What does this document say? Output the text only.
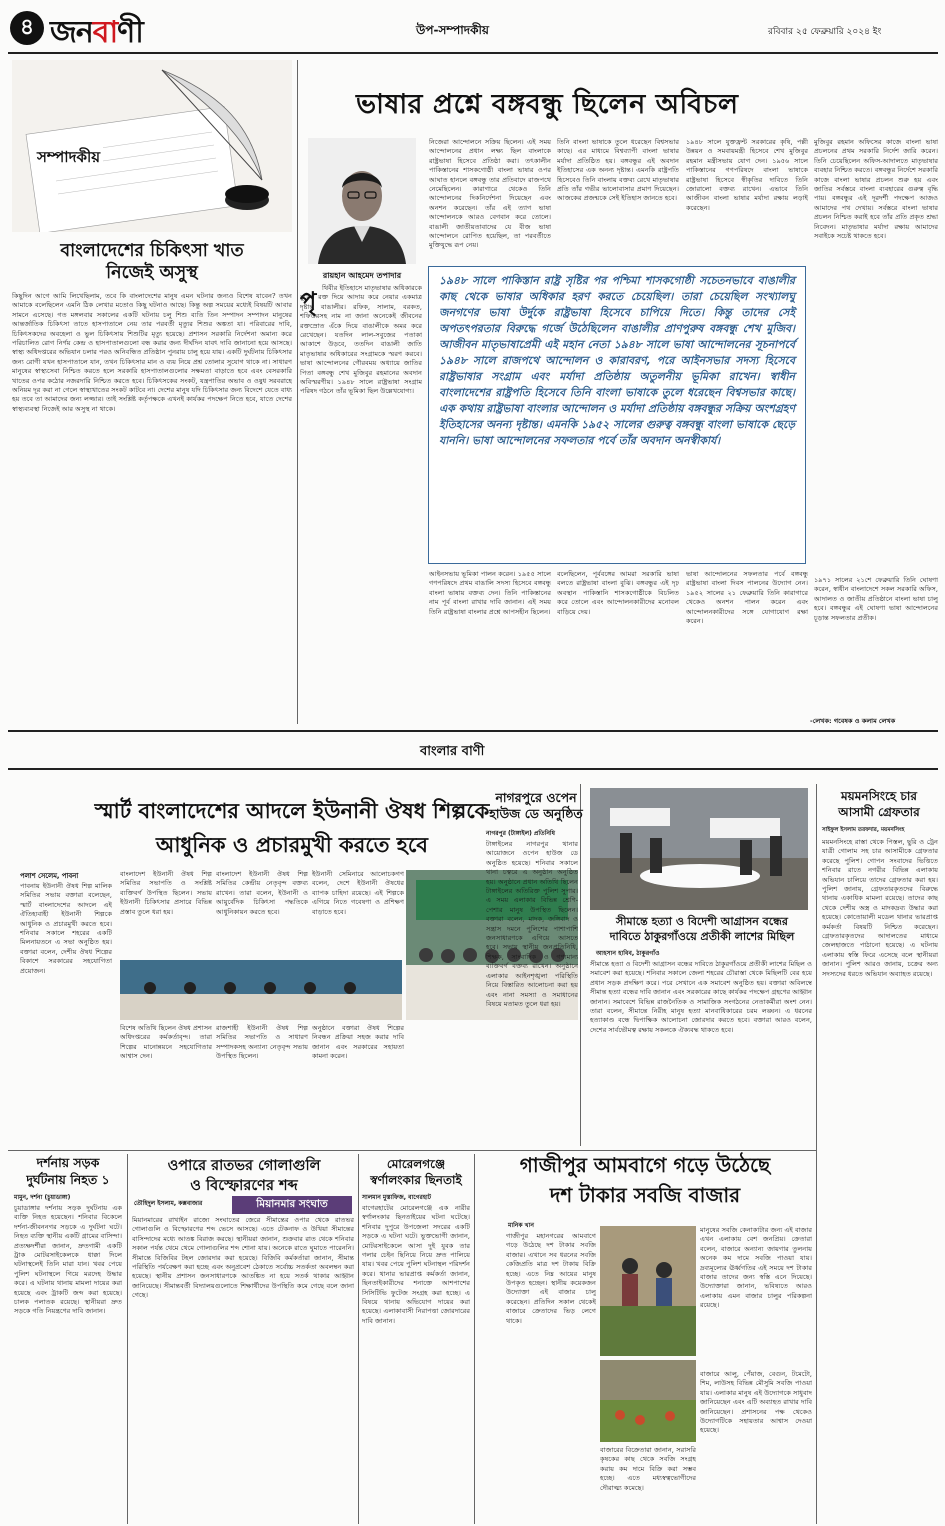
৪ জনবাণী	উপ-সম্পাদকীয়	রবিবার ২৫ ফেব্রুয়ারি ২০২৪ ইং
সম্পাদকীয়
বাংলাদেশের চিকিৎসা খাত
নিজেই অসুস্থ
কিছুদিন আগে আমি লিখেছিলাম, তবে কি বাংলাদেশের মানুষ এমন ঘটনার জন্যও বিশেষ যাবেন? তখন আমাকে বলেছিলেন এমনি ঠিক লেখার মতোও কিছু ঘটনাও আছে। কিন্তু অল্প সময়ের মধ্যেই বিষয়টি আবার সামনে এসেছে। গত মঙ্গলবার সকালের একটি ঘটনায় চলু শিশু ব্যতি তিন সম্পাদন সম্পাদন মানুষের আন্তর্জাতিক চিকিৎসা তাতে হাসপাতালে নেয় তার পরবর্তী মৃত্যুর শিশুর অঙ্কতা যা। পরিবারের দাবি, চিকিৎসকদের অবহেলা ও ভুল চিকিৎসায় শিশুটির মৃত্যু হয়েছে। প্রশাসন সরকারি নির্দেশনা অমান্য করে পরিচালিত রোগ নির্ণয় কেন্দ্র ও হাসপাতালগুলো বন্ধ করার জন্য দীর্ঘদিন যাবৎ দাবি জানানো হয়ে আসছে। স্বাস্থ্য অধিদপ্তরের অভিযান চলার পরও অনিবন্ধিত প্রতিষ্ঠান পুনরায় চালু হয়ে যায়। একটি দুর্ঘটনায় চিকিৎসার জন্য রোগী যখন হাসপাতালে যান, তখন চিকিৎসার মান ও ব্যয় নিয়ে প্রশ্ন তোলার সুযোগ থাকে না। সাধারণ মানুষের স্বাস্থ্যসেবা নিশ্চিত করতে হলে সরকারি হাসপাতালগুলোর সক্ষমতা বাড়াতে হবে এবং বেসরকারি খাতের ওপর কঠোর নজরদারি নিশ্চিত করতে হবে। চিকিৎসকের সংকট, যন্ত্রপাতির অভাব ও ওষুধ সরবরাহে অনিয়ম দূর করা না গেলে স্বাস্থ্যখাতের সংকট কাটবে না। দেশের মানুষ যদি চিকিৎসার জন্য বিদেশে যেতে বাধ্য হয় তবে তা আমাদের জন্য লজ্জার। তাই সংশ্লিষ্ট কর্তৃপক্ষকে এখনই কার্যকর পদক্ষেপ নিতে হবে, যাতে দেশের স্বাস্থ্যব্যবস্থা নিজেই আর অসুস্থ না থাকে।
ভাষার প্রশ্নে বঙ্গবন্ধু ছিলেন অবিচল
রায়হান আহমেদ তপাদার
পৃ থিবীর ইতিহাসে মাতৃভাষার অধিকারকে বুকের রক্ত দিয়ে আদায় করে নেয়ার একমাত্র দৃষ্টান্ত বাঙালীর। রফিক, সালাম, বরকত, শফিউরসহ নাম না জানা অনেকেই জীবনের রক্তস্রোত এঁকে দিয়ে বাঙালীকে অমর করে রেখেছেন। যতদিন লাল-সবুজের পতাকা আকাশে উড়বে, ততদিন বাঙালী জাতি মাতৃভাষার অধিকারের সংগ্রামকে স্মরণ করবে। ভাষা আন্দোলনের গৌরবময় অধ্যায়ে জাতির পিতা বঙ্গবন্ধু শেখ মুজিবুর রহমানের অবদান অবিস্মরণীয়। ১৯৪৮ সালে রাষ্ট্রভাষা সংগ্রাম পরিষদ গঠনে তাঁর ভূমিকা ছিল উল্লেখযোগ্য।
নিজেরা আন্দোলনে সক্রিয় ছিলেন। এই সময় আন্দোলনের প্রধান লক্ষ্য ছিল বাংলাকে রাষ্ট্রভাষা হিসেবে প্রতিষ্ঠা করা। তৎকালীন পাকিস্তানের শাসকগোষ্ঠী বাংলা ভাষার ওপর আঘাত হানলে বঙ্গবন্ধু তার প্রতিবাদে রাজপথে নেমেছিলেন। কারাগারে থেকেও তিনি আন্দোলনের দিকনির্দেশনা দিয়েছেন এবং অনশন করেছেন। তাঁর এই ত্যাগ ভাষা আন্দোলনকে আরও বেগবান করে তোলে। বাঙালী জাতীয়তাবাদের যে বীজ ভাষা আন্দোলনে রোপিত হয়েছিল, তা পরবর্তীতে মুক্তিযুদ্ধে রূপ নেয়।
তিনি বাংলা ভাষাকে তুলে ধরেছেন বিশ্বসভার কাছে। এর মাধ্যমে বিশ্বব্যাপী বাংলা ভাষার মর্যাদা প্রতিষ্ঠিত হয়। বঙ্গবন্ধুর এই অবদান ইতিহাসের এক অনন্য দৃষ্টান্ত। এমনকি রাষ্ট্রপতি হিসেবেও তিনি বাংলায় বক্তব্য রেখে মাতৃভাষার প্রতি তাঁর গভীর ভালোবাসার প্রমাণ দিয়েছেন। আজকের প্রজন্মকে সেই ইতিহাস জানতে হবে।
১৯৪৮ সালে যুক্তফ্রন্ট সরকারের কৃষি, পল্লী উন্নয়ন ও সমবায়মন্ত্রী হিসেবে শেখ মুজিবুর রহমান মন্ত্রীসভায় যোগ দেন। ১৯৫৬ সালে পাকিস্তানের গণপরিষদে বাংলা ভাষাকে রাষ্ট্রভাষা হিসেবে স্বীকৃতির দাবিতে তিনি জোরালো বক্তব্য রাখেন। এভাবে তিনি আজীবন বাংলা ভাষার মর্যাদা রক্ষায় লড়াই করেছেন।
মুজিবুর রহমান অফিসের কাজে বাংলা ভাষা প্রচলনের প্রথম সরকারি নির্দেশ জারি করেন। তিনি চেয়েছিলেন অফিস-আদালতে মাতৃভাষার ব্যবহার নিশ্চিত করতে। বঙ্গবন্ধুর নির্দেশে সরকারি কাজে বাংলা ভাষার প্রচলন শুরু হয় এবং জাতির সর্বস্তরে বাংলা ব্যবহারের গুরুত্ব বৃদ্ধি পায়। বঙ্গবন্ধুর এই দূরদর্শী পদক্ষেপ আজও আমাদের পথ দেখায়। সর্বস্তরে বাংলা ভাষার প্রচলন নিশ্চিত করাই হবে তাঁর প্রতি প্রকৃত শ্রদ্ধা নিবেদন। মাতৃভাষার মর্যাদা রক্ষায় আমাদের সবাইকে সচেষ্ট থাকতে হবে।
১৯৪৮ সালে পাকিস্তান রাষ্ট্র সৃষ্টির পর পশ্চিমা শাসকগোষ্ঠী সচেতনভাবে বাঙালীর কাছ থেকে ভাষার অধিকার হরণ করতে চেয়েছিল। তারা চেয়েছিল সংখ্যালঘু জনগণের ভাষা উর্দুকে রাষ্ট্রভাষা হিসেবে চাপিয়ে দিতে। কিন্তু তাদের সেই অপতৎপরতার বিরুদ্ধে গর্জে উঠেছিলেন বাঙালীর প্রাণপুরুষ বঙ্গবন্ধু শেখ মুজিব। আজীবন মাতৃভাষাপ্রেমী এই মহান নেতা ১৯৪৮ সালে ভাষা আন্দোলনের সূচনাপর্বে ১৯৪৮ সালে রাজপথে আন্দোলন ও কারাবরণ, পরে আইনসভার সদস্য হিসেবে রাষ্ট্রভাষার সংগ্রাম এবং মর্যাদা প্রতিষ্ঠায় অতুলনীয় ভূমিকা রাখেন। স্বাধীন বাংলাদেশের রাষ্ট্রপতি হিসেবে তিনি বাংলা ভাষাকে তুলে ধরেছেন বিশ্বসভার কাছে। এক কথায় রাষ্ট্রভাষা বাংলার আন্দোলন ও মর্যাদা প্রতিষ্ঠায় বঙ্গবন্ধুর সক্রিয় অংশগ্রহণ ইতিহাসের অনন্য দৃষ্টান্ত। এমনকি ১৯৫২ সালের গুরুত্ব বঙ্গবন্ধু বাংলা ভাষাকে ছেড়ে যাননি। ভাষা আন্দোলনের সফলতার পর্বে তাঁর অবদান অনস্বীকার্য।
আইনসভায় ভূমিকা পালন করেন। ১৯৫৫ সালে গণপরিষদে প্রথম বাঙালি সদস্য হিসেবে বঙ্গবন্ধু বাংলা ভাষায় বক্তব্য দেন। তিনি পাকিস্তানের নাম পূর্ব বাংলা রাখার দাবি জানান। এই সময় তিনি রাষ্ট্রভাষা বাংলার প্রশ্নে আপসহীন ছিলেন।
বলেছিলেন, পূর্ববঙ্গের আমরা সরকারি ভাষা বলতে রাষ্ট্রভাষা বাংলা বুঝি। বঙ্গবন্ধুর এই দৃঢ় অবস্থান পাকিস্তানি শাসকগোষ্ঠীকে বিচলিত করে তোলে এবং আন্দোলনকারীদের মনোবল বাড়িয়ে দেয়।
ভাষা আন্দোলনের সফলতার পর্বে বঙ্গবন্ধু রাষ্ট্রভাষা বাংলা দিবস পালনের উদ্যোগ নেন। ১৯৫২ সালের ২১ ফেব্রুয়ারি তিনি কারাগারে থেকেও অনশন পালন করেন এবং আন্দোলনকারীদের সঙ্গে যোগাযোগ রক্ষা করেন।
১৯৭১ সালের ২১শে ফেব্রুয়ারি তিনি ঘোষণা করেন, স্বাধীন বাংলাদেশে সকল সরকারি অফিস, আদালত ও জাতীয় প্রতিষ্ঠানে বাংলা ভাষা চালু হবে। বঙ্গবন্ধুর এই ঘোষণা ভাষা আন্দোলনের চূড়ান্ত সফলতার প্রতীক।
-লেখক: গবেষক ও কলাম লেখক
বাংলার বাণী
স্মার্ট বাংলাদেশের আদলে ইউনানী ঔষধ শিল্পকে
আধুনিক ও প্রচারমুখী করতে হবে
পলাশ সেলেম, পাবনা
পাবনায় ইউনানী ঔষধ শিল্প মালিক সমিতির সভায় বক্তারা বলেছেন, স্মার্ট বাংলাদেশের আদলে এই ঐতিহ্যবাহী ইউনানী শিল্পকে আধুনিক ও প্রচারমুখী করতে হবে। শনিবার সকালে শহরের একটি মিলনায়তনে এ সভা অনুষ্ঠিত হয়। বক্তারা বলেন, দেশীয় ঔষধ শিল্পের বিকাশে সরকারের সহযোগিতা প্রয়োজন।
বাংলাদেশ ইউনানী ঔষধ শিল্প সমিতির সভাপতি ও সংশ্লিষ্ট ব্যক্তিবর্গ উপস্থিত ছিলেন। সভায় ইউনানী চিকিৎসার প্রসারে বিভিন্ন প্রস্তাব তুলে ধরা হয়।
বাংলাদেশ ইউনানী ঔষধ শিল্প সমিতির কেন্দ্রীয় নেতৃবৃন্দ বক্তব্য রাখেন। তারা বলেন, ইউনানী ও আয়ুর্বেদিক চিকিৎসা পদ্ধতিকে আধুনিকায়ন করতে হবে।
ইউনানী সেমিনারে আলোচকগণ বলেন, দেশে ইউনানী ঔষধের ব্যাপক চাহিদা রয়েছে। এই শিল্পকে এগিয়ে নিতে গবেষণা ও প্রশিক্ষণ বাড়াতে হবে।
বিশেষ অতিথি ছিলেন ঔষধ প্রশাসন অধিদপ্তরের কর্মকর্তাবৃন্দ। তারা শিল্পের মানোন্নয়নে সহযোগিতার আশ্বাস দেন।
রাজশাহী ইউনানী ঔষধ শিল্প সমিতির সভাপতি ও সাধারণ সম্পাদকসহ অন্যান্য নেতৃবৃন্দ সভায় উপস্থিত ছিলেন।
অনুষ্ঠানে বক্তারা ঔষধ শিল্পের নিবন্ধন প্রক্রিয়া সহজ করার দাবি জানান এবং সরকারের সহায়তা কামনা করেন।
নাগরপুরে ওপেন
হাউজ ডে অনুষ্ঠিত
নাগরপুর (টাঙ্গাইল) প্রতিনিধি
টাঙ্গাইলের নাগরপুর থানার আয়োজনে ওপেন হাউজ ডে অনুষ্ঠিত হয়েছে। শনিবার সকালে থানা চত্বরে এ অনুষ্ঠান অনুষ্ঠিত হয়। অনুষ্ঠানে প্রধান অতিথি ছিলেন টাঙ্গাইলের অতিরিক্ত পুলিশ সুপার। এ সময় এলাকার বিভিন্ন শ্রেণি-পেশার মানুষ উপস্থিত ছিলেন। বক্তারা বলেন, মাদক, জঙ্গিবাদ ও সন্ত্রাস দমনে পুলিশের পাশাপাশি জনসাধারণকে এগিয়ে আসতে হবে। সভায় স্থানীয় জনপ্রতিনিধি, শিক্ষক, সাংবাদিক ও গণ্যমান্য ব্যক্তিবর্গ বক্তব্য রাখেন। অনুষ্ঠানে এলাকার আইনশৃঙ্খলা পরিস্থিতি নিয়ে বিস্তারিত আলোচনা করা হয় এবং নানা সমস্যা ও সমাধানের বিষয়ে মতামত তুলে ধরা হয়।
সীমান্তে হত্যা ও বিদেশী আগ্রাসন বন্ধের
দাবিতে ঠাকুরগাঁওয়ে প্রতীকী লাশের মিছিল
আহসান হাবিব, ঠাকুরগাঁও
সীমান্তে হত্যা ও বিদেশী আগ্রাসন বন্ধের দাবিতে ঠাকুরগাঁওয়ে প্রতীকী লাশের মিছিল ও সমাবেশ করা হয়েছে। শনিবার সকালে জেলা শহরের চৌরাস্তা থেকে মিছিলটি বের হয়ে প্রধান সড়ক প্রদক্ষিণ করে। পরে সেখানে এক সমাবেশ অনুষ্ঠিত হয়। বক্তারা অবিলম্বে সীমান্ত হত্যা বন্ধের দাবি জানান এবং সরকারের কাছে কার্যকর পদক্ষেপ গ্রহণের আহ্বান জানান। সমাবেশে বিভিন্ন রাজনৈতিক ও সামাজিক সংগঠনের নেতাকর্মীরা অংশ নেন। তারা বলেন, সীমান্তে নিরীহ মানুষ হত্যা মানবাধিকারের চরম লঙ্ঘন। এ ধরনের হত্যাকাণ্ড বন্ধে দ্বিপাক্ষিক আলোচনা জোরদার করতে হবে। বক্তারা আরও বলেন, দেশের সার্বভৌমত্ব রক্ষায় সকলকে ঐক্যবদ্ধ থাকতে হবে।
ময়মনসিংহে চার
আসামী গ্রেফতার
সাইফুল ইসলাম তরফদার, ময়মনসিংহ
ময়মনসিংহে রাস্তা থেকে পিস্তল, ছুরি ও ট্রেন যাত্রী গোলাম সহ চার আসামীকে গ্রেফতার করেছে পুলিশ। গোপন সংবাদের ভিত্তিতে শনিবার রাতে নগরীর বিভিন্ন এলাকায় অভিযান চালিয়ে তাদের গ্রেফতার করা হয়। পুলিশ জানায়, গ্রেফতারকৃতদের বিরুদ্ধে থানায় একাধিক মামলা রয়েছে। তাদের কাছ থেকে দেশীয় অস্ত্র ও মাদকদ্রব্য উদ্ধার করা হয়েছে। কোতোয়ালী মডেল থানার ভারপ্রাপ্ত কর্মকর্তা বিষয়টি নিশ্চিত করেছেন। গ্রেফতারকৃতদের আদালতের মাধ্যমে জেলহাজতে পাঠানো হয়েছে। এ ঘটনায় এলাকায় স্বস্তি ফিরে এসেছে বলে স্থানীয়রা জানান। পুলিশ আরও জানায়, চক্রের অন্য সদস্যদের ধরতে অভিযান অব্যাহত রয়েছে।
দর্শনায় সড়ক
দুর্ঘটনায় নিহত ১
মামুন, দর্শনা (চুয়াডাঙ্গা)
চুয়াডাঙ্গার দর্শনায় সড়ক দুর্ঘটনায় এক ব্যক্তি নিহত হয়েছেন। শনিবার বিকেলে দর্শনা-জীবননগর সড়কে এ দুর্ঘটনা ঘটে। নিহত ব্যক্তি স্থানীয় একটি গ্রামের বাসিন্দা। প্রত্যক্ষদর্শীরা জানান, দ্রুতগামী একটি ট্রাক মোটরসাইকেলকে ধাক্কা দিলে ঘটনাস্থলেই তিনি মারা যান। খবর পেয়ে পুলিশ ঘটনাস্থলে গিয়ে মরদেহ উদ্ধার করে। এ ঘটনায় থানায় মামলা দায়ের করা হয়েছে এবং ট্রাকটি জব্দ করা হয়েছে। চালক পলাতক রয়েছে। স্থানীয়রা দ্রুত সড়কে গতি নিয়ন্ত্রণের দাবি জানান।
ওপারে রাতভর গোলাগুলি
ও বিস্ফোরণের শব্দ
তৌহিদুল ইসলাম, কক্সবাজার	মিয়ানমার সংঘাত
মিয়ানমারের রাখাইন রাজ্যে সংঘাতের জেরে সীমান্তের ওপার থেকে রাতভর গোলাগুলি ও বিস্ফোরণের শব্দ ভেসে আসছে। এতে টেকনাফ ও উখিয়া সীমান্তের বাসিন্দাদের মধ্যে আতঙ্ক বিরাজ করছে। স্থানীয়রা জানান, শুক্রবার রাত থেকে শনিবার সকাল পর্যন্ত থেমে থেমে গোলাগুলির শব্দ শোনা যায়। অনেকে রাতে ঘুমাতে পারেননি। সীমান্তে বিজিবির টহল জোরদার করা হয়েছে। বিজিবি কর্মকর্তারা জানান, সীমান্ত পরিস্থিতি পর্যবেক্ষণ করা হচ্ছে এবং অনুপ্রবেশ ঠেকাতে সর্বোচ্চ সতর্কতা অবলম্বন করা হয়েছে। স্থানীয় প্রশাসন জনসাধারণকে আতঙ্কিত না হয়ে সতর্ক থাকার আহ্বান জানিয়েছে। সীমান্তবর্তী বিদ্যালয়গুলোতে শিক্ষার্থীদের উপস্থিতি কমে গেছে বলে জানা গেছে।
মোরেলগঞ্জে
স্বর্ণালংকার ছিনতাই
সালমান মুস্তাফিজ, বাগেরহাট
বাগেরহাটের মোরেলগঞ্জে এক নারীর স্বর্ণালংকার ছিনতাইয়ের ঘটনা ঘটেছে। শনিবার দুপুরে উপজেলা সদরের একটি সড়কে এ ঘটনা ঘটে। ভুক্তভোগী জানান, মোটরসাইকেলে আসা দুই যুবক তার গলার চেইন ছিনিয়ে নিয়ে দ্রুত পালিয়ে যায়। খবর পেয়ে পুলিশ ঘটনাস্থল পরিদর্শন করে। থানার ভারপ্রাপ্ত কর্মকর্তা জানান, ছিনতাইকারীদের শনাক্তে আশপাশের সিসিটিভি ফুটেজ সংগ্রহ করা হচ্ছে। এ বিষয়ে থানায় অভিযোগ দায়ের করা হয়েছে। এলাকাবাসী নিরাপত্তা জোরদারের দাবি জানান।
গাজীপুর আমবাগে গড়ে উঠেছে
দশ টাকার সবজি বাজার
মানিক খান
গাজীপুর মহানগরের আমবাগে গড়ে উঠেছে দশ টাকার সবজি বাজার। এখানে সব ধরনের সবজি কেজিপ্রতি মাত্র দশ টাকায় বিক্রি হচ্ছে। এতে নিম্ন আয়ের মানুষ উপকৃত হচ্ছেন। স্থানীয় কয়েকজন উদ্যোক্তা এই বাজার চালু করেছেন। প্রতিদিন সকাল থেকেই বাজারে ক্রেতাদের ভিড় লেগে থাকে।
বাজারের বিক্রেতারা জানান, সরাসরি কৃষকের কাছ থেকে সবজি সংগ্রহ করায় কম দামে বিক্রি করা সম্ভব হচ্ছে। এতে মধ্যস্বত্বভোগীদের দৌরাত্ম্য কমেছে।
মানুষের সবজি কেনাকাটার জন্য এই বাজার এখন এলাকায় বেশ জনপ্রিয়। ক্রেতারা বলেন, বাজারে অন্যান্য জায়গার তুলনায় অনেক কম দামে সবজি পাওয়া যায়। দ্রব্যমূল্যের ঊর্ধ্বগতির এই সময়ে দশ টাকার বাজার তাদের জন্য স্বস্তি এনে দিয়েছে। উদ্যোক্তারা জানান, ভবিষ্যতে আরও এলাকায় এমন বাজার চালুর পরিকল্পনা রয়েছে।
বাজারে আলু, পেঁয়াজ, বেগুন, টমেটো, শিম, লাউসহ বিভিন্ন মৌসুমি সবজি পাওয়া যায়। এলাকার মানুষ এই উদ্যোগকে সাধুবাদ জানিয়েছেন এবং এটি অব্যাহত রাখার দাবি জানিয়েছেন। প্রশাসনের পক্ষ থেকেও উদ্যোগটিকে সহায়তার আশ্বাস দেওয়া হয়েছে।
